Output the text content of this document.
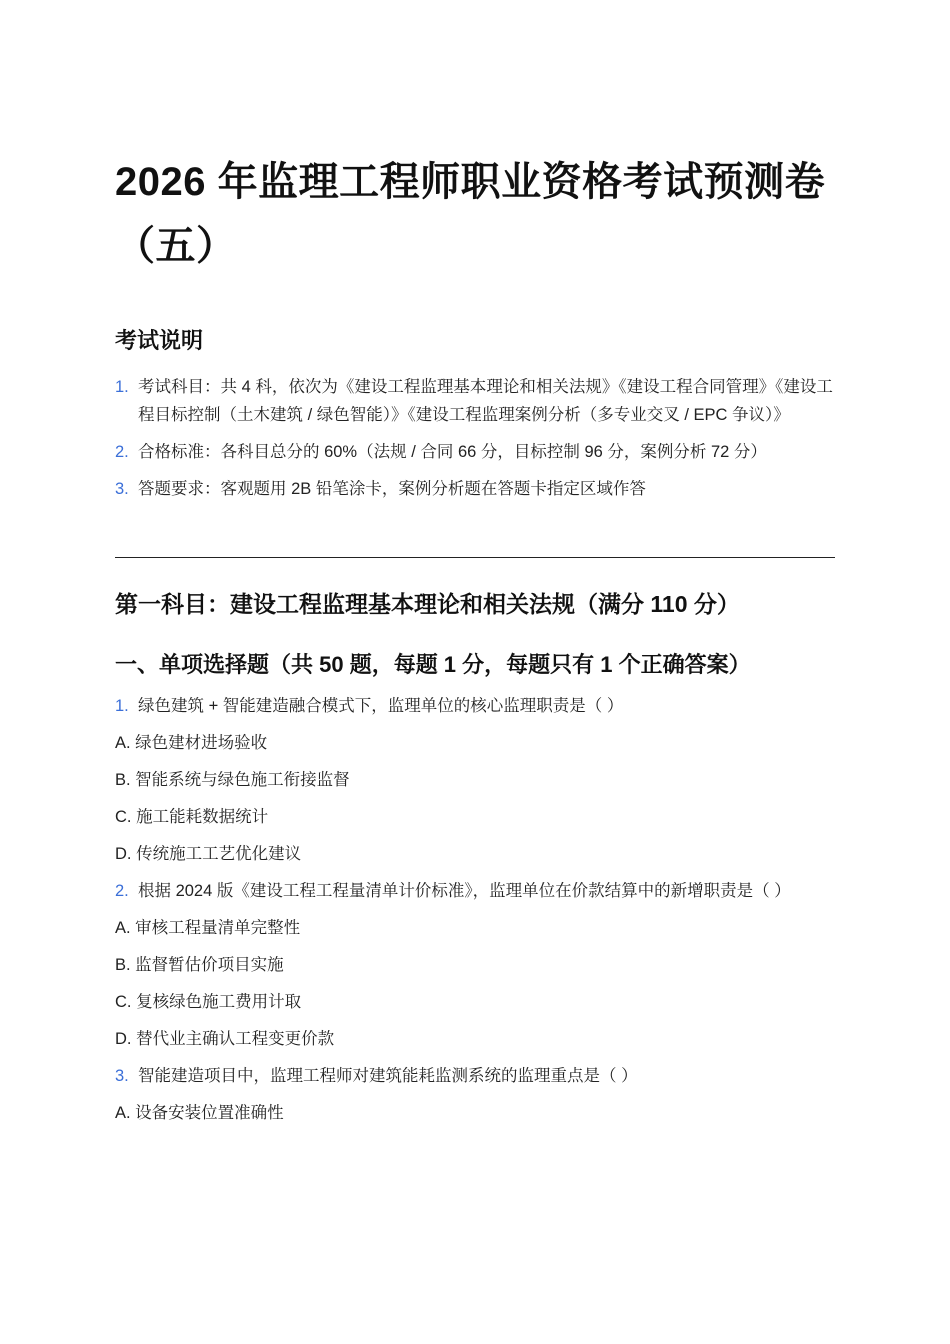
2026 年监理工程师职业资格考试预测卷（五）
考试说明
1. 考试科目：共 4 科，依次为《建设工程监理基本理论和相关法规》《建设工程合同管理》《建设工程目标控制（土木建筑 / 绿色智能）》《建设工程监理案例分析（多专业交叉 / EPC 争议）》
2. 合格标准：各科目总分的 60%（法规 / 合同 66 分，目标控制 96 分，案例分析 72 分）
3. 答题要求：客观题用 2B 铅笔涂卡，案例分析题在答题卡指定区域作答
第一科目：建设工程监理基本理论和相关法规（满分 110 分）
一、单项选择题（共 50 题，每题 1 分，每题只有 1 个正确答案）
1. 绿色建筑 + 智能建造融合模式下，监理单位的核心监理职责是（ ）
A. 绿色建材进场验收
B. 智能系统与绿色施工衔接监督
C. 施工能耗数据统计
D. 传统施工工艺优化建议
2. 根据 2024 版《建设工程工程量清单计价标准》，监理单位在价款结算中的新增职责是（ ）
A. 审核工程量清单完整性
B. 监督暂估价项目实施
C. 复核绿色施工费用计取
D. 替代业主确认工程变更价款
3. 智能建造项目中，监理工程师对建筑能耗监测系统的监理重点是（ ）
A. 设备安装位置准确性
